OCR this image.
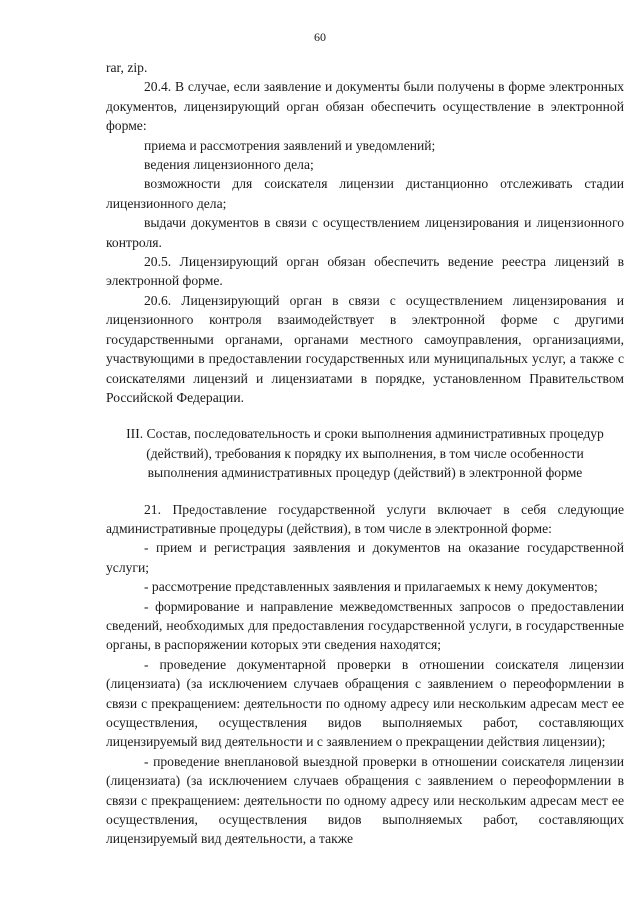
60

rar, zip.

20.4. В случае, если заявление и документы были получены в форме электронных документов, лицензирующий орган обязан обеспечить осуществление в электронной форме:

приема и рассмотрения заявлений и уведомлений;

ведения лицензионного дела;

возможности для соискателя лицензии дистанционно отслеживать стадии лицензионного дела;

выдачи документов в связи с осуществлением лицензирования и лицензионного контроля.

20.5. Лицензирующий орган обязан обеспечить ведение реестра лицензий в электронной форме.

20.6. Лицензирующий орган в связи с осуществлением лицензирования и лицензионного контроля взаимодействует в электронной форме с другими государственными органами, органами местного самоуправления, организациями, участвующими в предоставлении государственных или муниципальных услуг, а также с соискателями лицензий и лицензиатами в порядке, установленном Правительством Российской Федерации.

III. Состав, последовательность и сроки выполнения административных процедур (действий), требования к порядку их выполнения, в том числе особенности выполнения административных процедур (действий) в электронной форме

21. Предоставление государственной услуги включает в себя следующие административные процедуры (действия), в том числе в электронной форме:

- прием и регистрация заявления и документов на оказание государственной услуги;

- рассмотрение представленных заявления и прилагаемых к нему документов;

- формирование и направление межведомственных запросов о предоставлении сведений, необходимых для предоставления государственной услуги, в государственные органы, в распоряжении которых эти сведения находятся;

- проведение документарной проверки в отношении соискателя лицензии (лицензиата) (за исключением случаев обращения с заявлением о переоформлении в связи с прекращением: деятельности по одному адресу или нескольким адресам мест ее осуществления, осуществления видов выполняемых работ, составляющих лицензируемый вид деятельности и с заявлением о прекращении действия лицензии);

- проведение внеплановой выездной проверки в отношении соискателя лицензии (лицензиата) (за исключением случаев обращения с заявлением о переоформлении в связи с прекращением: деятельности по одному адресу или нескольким адресам мест ее осуществления, осуществления видов выполняемых работ, составляющих лицензируемый вид деятельности, а также
